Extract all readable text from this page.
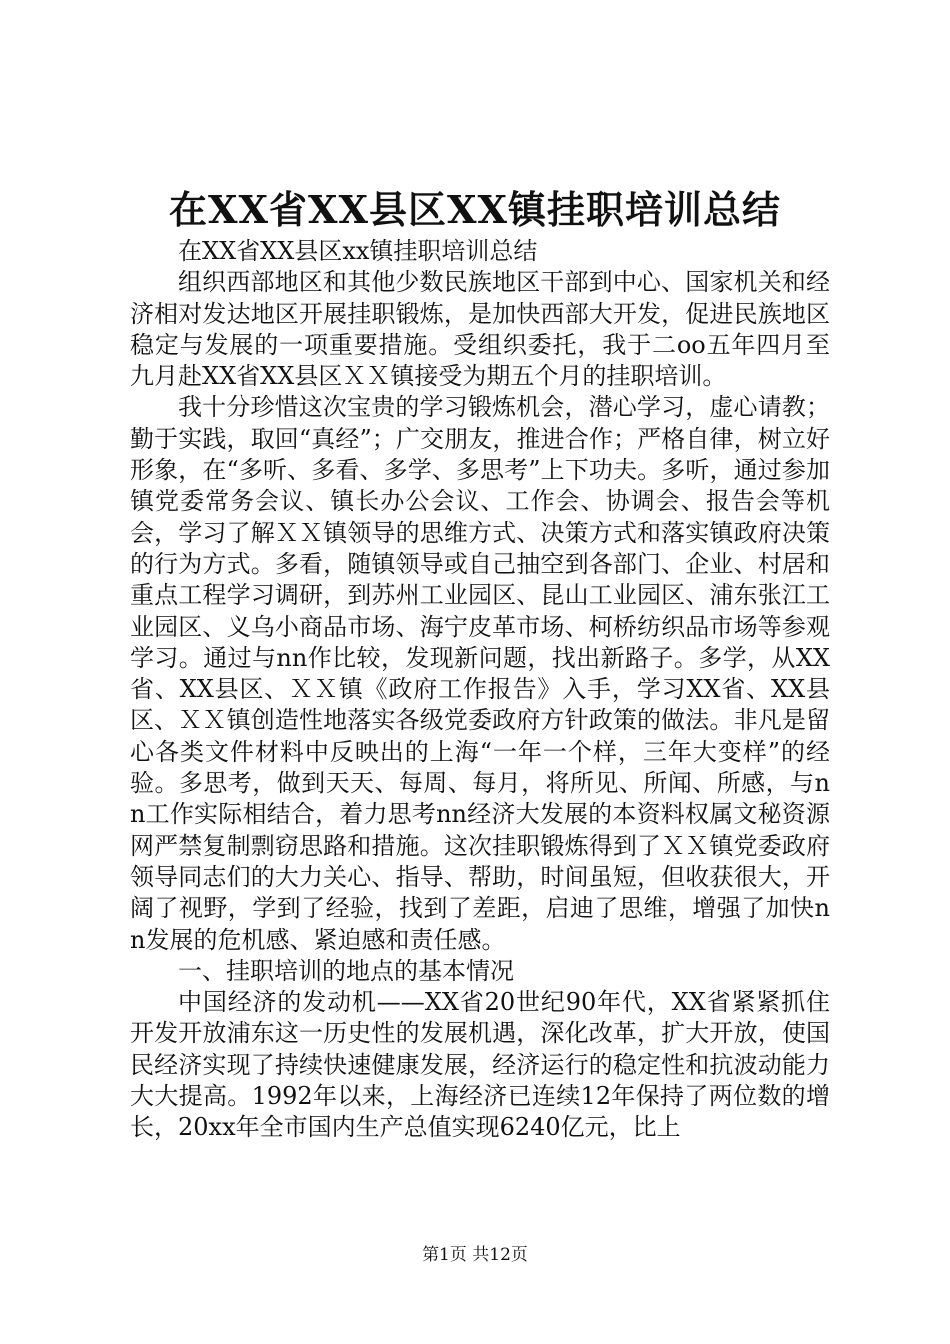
在XX省XX县区XX镇挂职培训总结

在XX省XX县区xx镇挂职培训总结

组织西部地区和其他少数民族地区干部到中心、国家机关和经济相对发达地区开展挂职锻炼，是加快西部大开发，促进民族地区稳定与发展的一项重要措施。受组织委托，我于二oo五年四月至九月赴XX省XX县区ＸＸ镇接受为期五个月的挂职培训。

我十分珍惜这次宝贵的学习锻炼机会，潜心学习，虚心请教；勤于实践，取回“真经”；广交朋友，推进合作；严格自律，树立好形象，在“多听、多看、多学、多思考”上下功夫。多听，通过参加镇党委常务会议、镇长办公会议、工作会、协调会、报告会等机会，学习了解ＸＸ镇领导的思维方式、决策方式和落实镇政府决策的行为方式。多看，随镇领导或自己抽空到各部门、企业、村居和重点工程学习调研，到苏州工业园区、昆山工业园区、浦东张江工业园区、义乌小商品市场、海宁皮革市场、柯桥纺织品市场等参观学习。通过与nn作比较，发现新问题，找出新路子。多学，从XX省、XX县区、ＸＸ镇《政府工作报告》入手，学习XX省、XX县区、ＸＸ镇创造性地落实各级党委政府方针政策的做法。非凡是留心各类文件材料中反映出的上海“一年一个样，三年大变样”的经验。多思考，做到天天、每周、每月，将所见、所闻、所感，与nn工作实际相结合，着力思考nn经济大发展的本资料权属文秘资源网严禁复制剽窃思路和措施。这次挂职锻炼得到了ＸＸ镇党委政府领导同志们的大力关心、指导、帮助，时间虽短，但收获很大，开阔了视野，学到了经验，找到了差距，启迪了思维，增强了加快nn发展的危机感、紧迫感和责任感。

一、挂职培训的地点的基本情况

中国经济的发动机——XX省20世纪90年代，XX省紧紧抓住开发开放浦东这一历史性的发展机遇，深化改革，扩大开放，使国民经济实现了持续快速健康发展，经济运行的稳定性和抗波动能力大大提高。1992年以来，上海经济已连续12年保持了两位数的增长，20xx年全市国内生产总值实现6240亿元，比上

第1页 共12页
